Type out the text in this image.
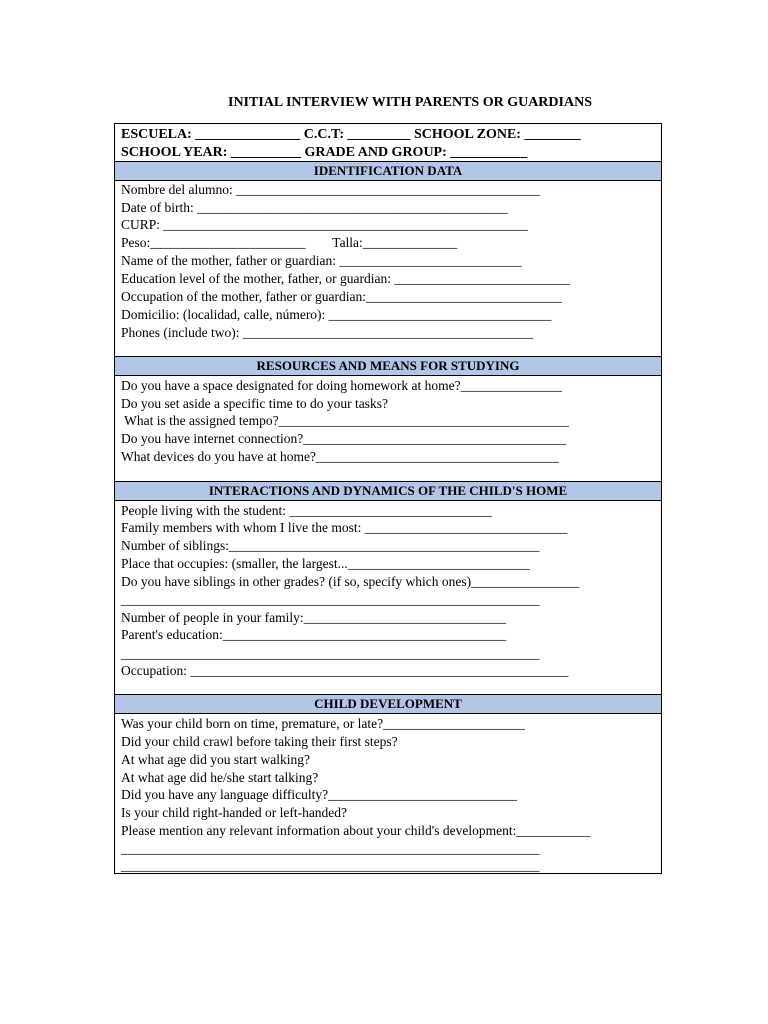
INITIAL INTERVIEW WITH PARENTS OR GUARDIANS
ESCUELA: _______________ C.C.T: _________ SCHOOL ZONE: ________
SCHOOL YEAR: __________ GRADE AND GROUP: ___________
IDENTIFICATION DATA
Nombre del alumno: _____________________________________________
Date of birth: ______________________________________________
CURP: ______________________________________________________
Peso:_______________________        Talla:______________
Name of the mother, father or guardian: ___________________________
Education level of the mother, father, or guardian: __________________________
Occupation of the mother, father or guardian:_____________________________
Domicilio: (localidad, calle, número): _________________________________
Phones (include two): ___________________________________________
RESOURCES AND MEANS FOR STUDYING
Do you have a space designated for doing homework at home?_______________
Do you set aside a specific time to do your tasks?
What is the assigned tempo?___________________________________________
Do you have internet connection?_______________________________________
What devices do you have at home?____________________________________
INTERACTIONS AND DYNAMICS OF THE CHILD'S HOME
People living with the student: ______________________________
Family members with whom I live the most: ______________________________
Number of siblings:______________________________________________
Place that occupies: (smaller, the largest...___________________________
Do you have siblings in other grades? (if so, specify which ones)________________
______________________________________________________________
Number of people in your family:______________________________
Parent's education:__________________________________________
______________________________________________________________
Occupation: ________________________________________________________
CHILD DEVELOPMENT
Was your child born on time, premature, or late?_____________________
Did your child crawl before taking their first steps?
At what age did you start walking?
At what age did he/she start talking?
Did you have any language difficulty?____________________________
Is your child right-handed or left-handed?
Please mention any relevant information about your child's development:___________
______________________________________________________________
______________________________________________________________
